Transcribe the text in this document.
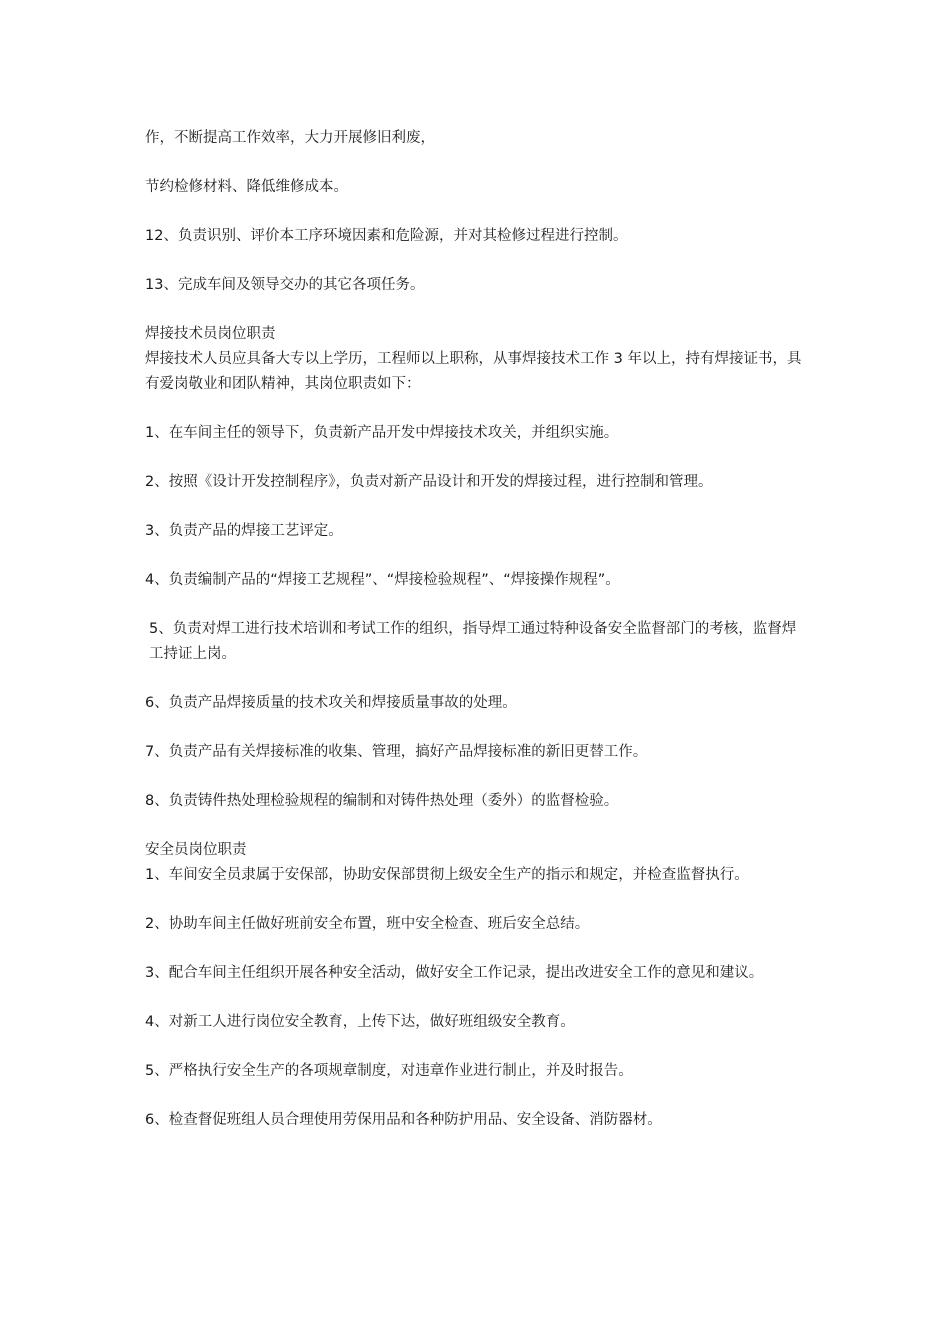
作，不断提高工作效率，大力开展修旧利废，

节约检修材料、降低维修成本。

12、负责识别、评价本工序环境因素和危险源，并对其检修过程进行控制。

13、完成车间及领导交办的其它各项任务。

焊接技术员岗位职责

焊接技术人员应具备大专以上学历，工程师以上职称，从事焊接技术工作 3 年以上，持有焊接证书，具有爱岗敬业和团队精神，其岗位职责如下：

1、在车间主任的领导下，负责新产品开发中焊接技术攻关，并组织实施。

2、按照《设计开发控制程序》，负责对新产品设计和开发的焊接过程，进行控制和管理。

3、负责产品的焊接工艺评定。

4、负责编制产品的“焊接工艺规程”、“焊接检验规程”、“焊接操作规程”。

5、负责对焊工进行技术培训和考试工作的组织，指导焊工通过特种设备安全监督部门的考核，监督焊工持证上岗。

6、负责产品焊接质量的技术攻关和焊接质量事故的处理。

7、负责产品有关焊接标准的收集、管理，搞好产品焊接标准的新旧更替工作。

8、负责铸件热处理检验规程的编制和对铸件热处理（委外）的监督检验。

安全员岗位职责

1、车间安全员隶属于安保部，协助安保部贯彻上级安全生产的指示和规定，并检查监督执行。

2、协助车间主任做好班前安全布置，班中安全检查、班后安全总结。

3、配合车间主任组织开展各种安全活动，做好安全工作记录，提出改进安全工作的意见和建议。

4、对新工人进行岗位安全教育，上传下达，做好班组级安全教育。

5、严格执行安全生产的各项规章制度，对违章作业进行制止，并及时报告。

6、检查督促班组人员合理使用劳保用品和各种防护用品、安全设备、消防器材。
